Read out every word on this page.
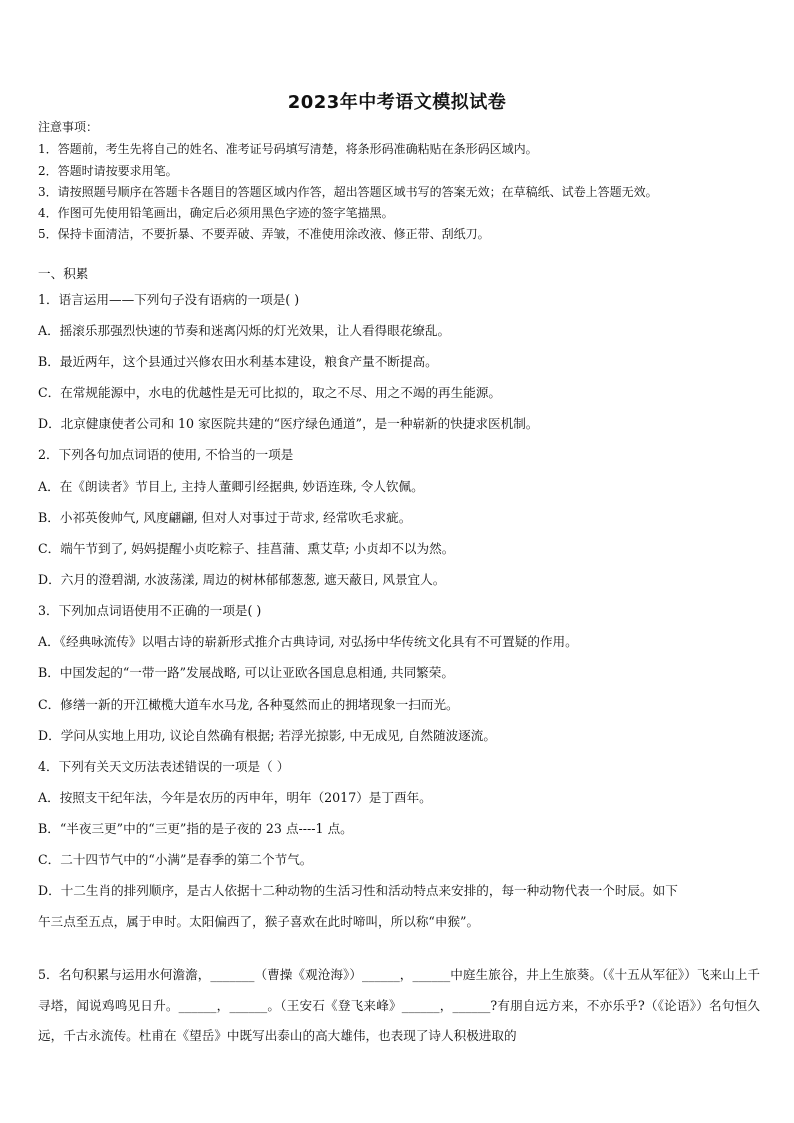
2023年中考语文模拟试卷
注意事项：
1．答题前，考生先将自己的姓名、准考证号码填写清楚，将条形码准确粘贴在条形码区域内。
2．答题时请按要求用笔。
3．请按照题号顺序在答题卡各题目的答题区域内作答，超出答题区域书写的答案无效；在草稿纸、试卷上答题无效。
4．作图可先使用铅笔画出，确定后必须用黑色字迹的签字笔描黑。
5．保持卡面清洁，不要折暴、不要弄破、弄皱，不准使用涂改液、修正带、刮纸刀。
一、积累
1．语言运用——下列句子没有语病的一项是( )
A．摇滚乐那强烈快速的节奏和迷离闪烁的灯光效果，让人看得眼花缭乱。
B．最近两年，这个县通过兴修农田水利基本建设，粮食产量不断提高。
C．在常规能源中，水电的优越性是无可比拟的，取之不尽、用之不竭的再生能源。
D．北京健康使者公司和 10 家医院共建的“医疗绿色通道”，是一种崭新的快捷求医机制。
2．下列各句加点词语的使用, 不恰当的一项是
A．在《朗读者》节目上, 主持人董卿引经据典, 妙语连珠, 令人钦佩。
B．小祁英俊帅气, 风度翩翩, 但对人对事过于苛求, 经常吹毛求疵。
C．端午节到了, 妈妈提醒小贞吃粽子、挂菖蒲、熏艾草; 小贞却不以为然。
D．六月的澄碧湖, 水波荡漾, 周边的树林郁郁葱葱, 遮天蔽日, 风景宜人。
3．下列加点词语使用不正确的一项是( )
A．《经典咏流传》以唱古诗的崭新形式推介古典诗词, 对弘扬中华传统文化具有不可置疑的作用。
B．中国发起的“一带一路”发展战略, 可以让亚欧各国息息相通, 共同繁荣。
C．修缮一新的开江橄榄大道车水马龙, 各种戛然而止的拥堵现象一扫而光。
D．学问从实地上用功, 议论自然确有根据; 若浮光掠影, 中无成见, 自然随波逐流。
4．下列有关天文历法表述错误的一项是（ ）
A．按照支干纪年法，今年是农历的丙申年，明年（2017）是丁酉年。
B．“半夜三更”中的“三更”指的是子夜的 23 点----1 点。
C．二十四节气中的“小满”是春季的第二个节气。
D．十二生肖的排列顺序，是古人依据十二种动物的生活习性和活动特点来安排的，每一种动物代表一个时辰。如下
午三点至五点，属于申时。太阳偏西了，猴子喜欢在此时啼叫，所以称“申猴”。
5．名句积累与运用水何澹澹，_______（曹操《观沧海》）______，______中庭生旅谷，井上生旅葵。（《十五从军征》）飞来山上千寻塔，闻说鸡鸣见日升。______，______。（王安石《登飞来峰》______，______?有朋自远方来，不亦乐乎?（《论语》）名句恒久远，千古永流传。杜甫在《望岳》中既写出泰山的高大雄伟，也表现了诗人积极进取的
